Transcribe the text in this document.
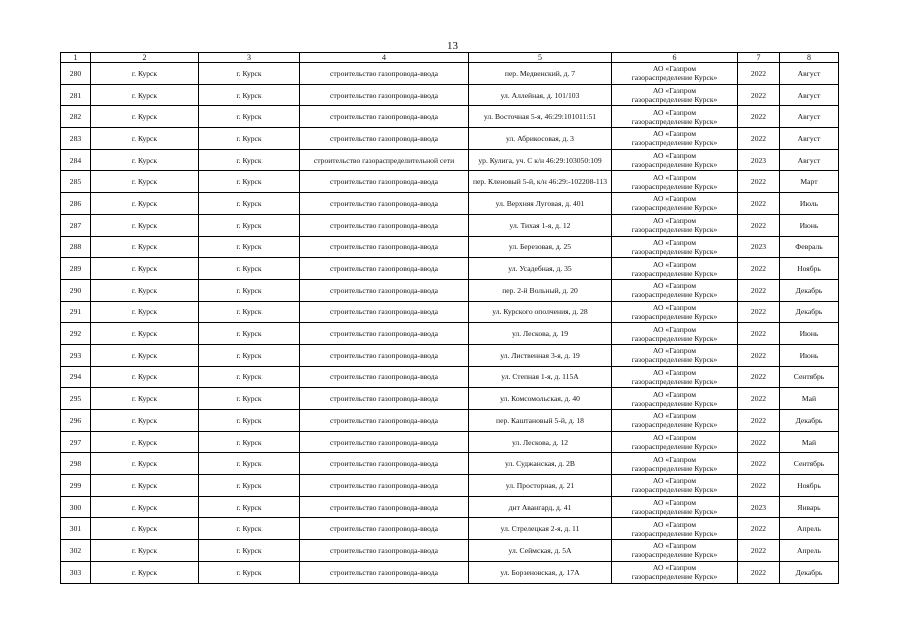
13
1	2	3	4	5	6	7	8
280	г. Курск	г. Курск	строительство газопровода-ввода	пер. Медвенский, д. 7	АО «Газпром
газораспределение Курск»	2022	Август
281	г. Курск	г. Курск	строительство газопровода-ввода	ул. Аллейная, д. 101/103	АО «Газпром
газораспределение Курск»	2022	Август
282	г. Курск	г. Курск	строительство газопровода-ввода	ул. Восточная 5-я, 46:29:101011:51	АО «Газпром
газораспределение Курск»	2022	Август
283	г. Курск	г. Курск	строительство газопровода-ввода	ул. Абрикосовая, д. 3	АО «Газпром
газораспределение Курск»	2022	Август
284	г. Курск	г. Курск	строительство газораспределительной сети	ур. Кулига, уч. С к/н 46:29:103050:109	АО «Газпром
газораспределение Курск»	2023	Август
285	г. Курск	г. Курск	строительство газопровода-ввода	пер. Кленовый 5-й, к/н 46:29:-102208-113	АО «Газпром
газораспределение Курск»	2022	Март
286	г. Курск	г. Курск	строительство газопровода-ввода	ул. Верхняя Луговая, д. 401	АО «Газпром
газораспределение Курск»	2022	Июль
287	г. Курск	г. Курск	строительство газопровода-ввода	ул. Тихая 1-я, д. 12	АО «Газпром
газораспределение Курск»	2022	Июнь
288	г. Курск	г. Курск	строительство газопровода-ввода	ул. Березовая, д. 25	АО «Газпром
газораспределение Курск»	2023	Февраль
289	г. Курск	г. Курск	строительство газопровода-ввода	ул. Усадебная, д. 35	АО «Газпром
газораспределение Курск»	2022	Ноябрь
290	г. Курск	г. Курск	строительство газопровода-ввода	пер. 2-й Вольный, д. 20	АО «Газпром
газораспределение Курск»	2022	Декабрь
291	г. Курск	г. Курск	строительство газопровода-ввода	ул. Курского ополчения, д. 28	АО «Газпром
газораспределение Курск»	2022	Декабрь
292	г. Курск	г. Курск	строительство газопровода-ввода	ул. Лескова, д. 19	АО «Газпром
газораспределение Курск»	2022	Июнь
293	г. Курск	г. Курск	строительство газопровода-ввода	ул. Лиственная 3-я, д. 19	АО «Газпром
газораспределение Курск»	2022	Июнь
294	г. Курск	г. Курск	строительство газопровода-ввода	ул. Степная 1-я, д. 115А	АО «Газпром
газораспределение Курск»	2022	Сентябрь
295	г. Курск	г. Курск	строительство газопровода-ввода	ул. Комсомольская, д. 40	АО «Газпром
газораспределение Курск»	2022	Май
296	г. Курск	г. Курск	строительство газопровода-ввода	пер. Каштановый 5-й, д. 18	АО «Газпром
газораспределение Курск»	2022	Декабрь
297	г. Курск	г. Курск	строительство газопровода-ввода	ул. Лескова, д. 12	АО «Газпром
газораспределение Курск»	2022	Май
298	г. Курск	г. Курск	строительство газопровода-ввода	ул. Суджанская, д. 2В	АО «Газпром
газораспределение Курск»	2022	Сентябрь
299	г. Курск	г. Курск	строительство газопровода-ввода	ул. Просторная, д. 21	АО «Газпром
газораспределение Курск»	2022	Ноябрь
300	г. Курск	г. Курск	строительство газопровода-ввода	днт Авангард, д. 41	АО «Газпром
газораспределение Курск»	2023	Январь
301	г. Курск	г. Курск	строительство газопровода-ввода	ул. Стрелецкая 2-я, д. 11	АО «Газпром
газораспределение Курск»	2022	Апрель
302	г. Курск	г. Курск	строительство газопровода-ввода	ул. Сеймская, д. 5А	АО «Газпром
газораспределение Курск»	2022	Апрель
303	г. Курск	г. Курск	строительство газопровода-ввода	ул. Борзеновская, д. 17А	АО «Газпром
газораспределение Курск»	2022	Декабрь
